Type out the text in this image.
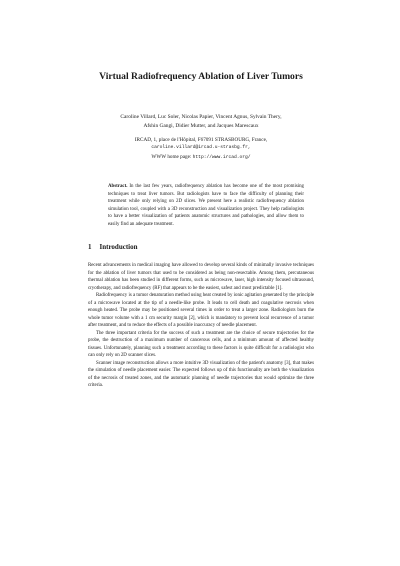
Virtual Radiofrequency Ablation of Liver Tumors
Caroline Villard, Luc Soler, Nicolas Papier, Vincent Agnus, Sylvain Thery,
Afshin Gangi, Didier Mutter, and Jacques Marescaux
IRCAD, 1, place de l'Hôpital, F67091 STRASBOURG, France,
caroline.villard@ircad.u-strasbg.fr,
WWW home page: http://www.ircad.org/
Abstract. In the last few years, radiofrequency ablation has become one of the most promising techniques to treat liver tumors. But radiologists have to face the difficulty of planning their treatment while only relying on 2D slices. We present here a realistic radiofrequency ablation simulation tool, coupled with a 3D reconstruction and visualization project. They help radiologists to have a better visualization of patients anatomic structures and pathologies, and allow them to easily find an adequate treatment.
1 Introduction

Recent advancements in medical imaging have allowed to develop several kinds of minimally invasive techniques for the ablation of liver tumors that used to be considered as being non-resectable. Among them, percutaneous thermal ablation has been studied in different forms, such as microwave, laser, high intensity focused ultrasound, cryotherapy, and radiofrequency (RF) that appears to be the easiest, safest and most predictable [1].

Radiofrequency is a tumor denaturation method using heat created by ionic agitation generated by the principle of a microwave located at the tip of a needle-like probe. It leads to cell death and coagulative necrosis when enough heated. The probe may be positioned several times in order to treat a larger zone. Radiologists burn the whole tumor volume with a 1 cm security margin [2], which is mandatory to prevent local recurrence of a tumor after treatment, and to reduce the effects of a possible inaccuracy of needle placement.

The three important criteria for the success of such a treatment are the choice of secure trajectories for the probe, the destruction of a maximum number of cancerous cells, and a minimum amount of affected healthy tissues. Unfortunately, planning such a treatment according to these factors is quite difficult for a radiologist who can only rely on 2D scanner slices.

Scanner image reconstruction allows a more intuitive 3D visualization of the patient's anatomy [3], that makes the simulation of needle placement easier. The expected follows up of this functionality are both the visualization of the necrosis of treated zones, and the automatic planning of needle trajectories that would optimize the three criteria.
